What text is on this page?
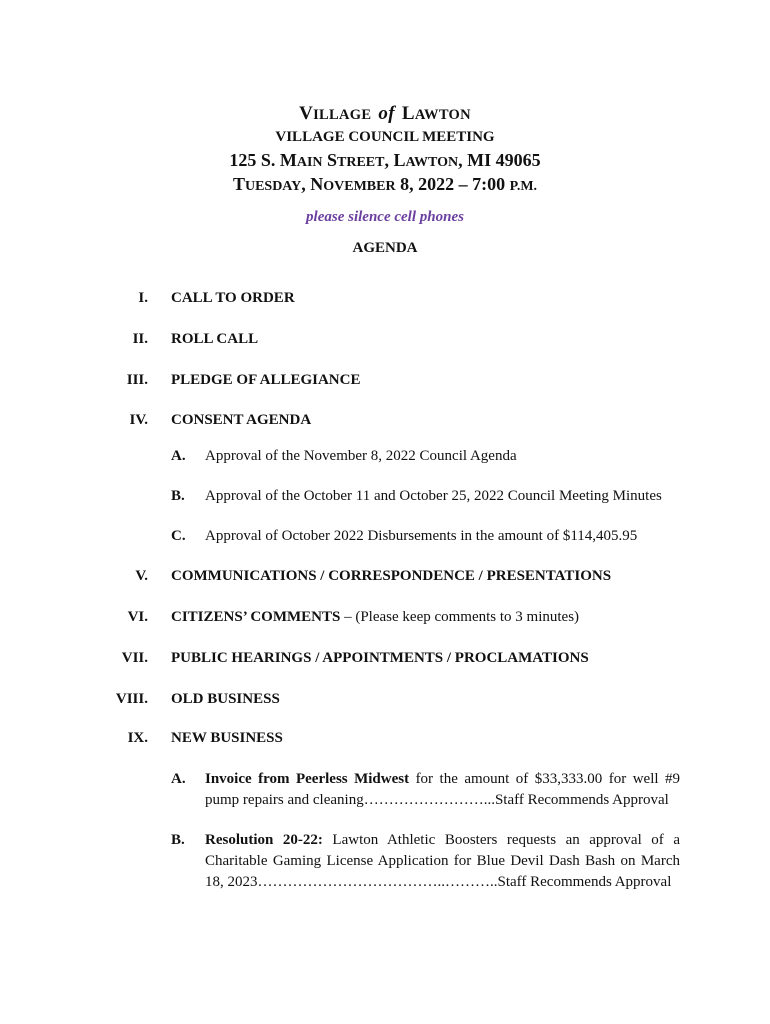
VILLAGE of LAWTON
VILLAGE COUNCIL MEETING
125 S. MAIN STREET, LAWTON, MI 49065
TUESDAY, NOVEMBER 8, 2022 – 7:00 P.M.
please silence cell phones
AGENDA
I. CALL TO ORDER
II. ROLL CALL
III. PLEDGE OF ALLEGIANCE
IV. CONSENT AGENDA
A. Approval of the November 8, 2022 Council Agenda
B. Approval of the October 11 and October 25, 2022 Council Meeting Minutes
C. Approval of October 2022 Disbursements in the amount of $114,405.95
V. COMMUNICATIONS / CORRESPONDENCE / PRESENTATIONS
VI. CITIZENS’ COMMENTS – (Please keep comments to 3 minutes)
VII. PUBLIC HEARINGS / APPOINTMENTS / PROCLAMATIONS
VIII. OLD BUSINESS
IX. NEW BUSINESS
A. Invoice from Peerless Midwest for the amount of $33,333.00 for well #9
pump repairs and cleaning……………………...Staff Recommends Approval
B. Resolution 20-22: Lawton Athletic Boosters requests an approval of a
Charitable Gaming License Application for Blue Devil Dash Bash on March
18, 2023………………………………..………..Staff Recommends Approval
